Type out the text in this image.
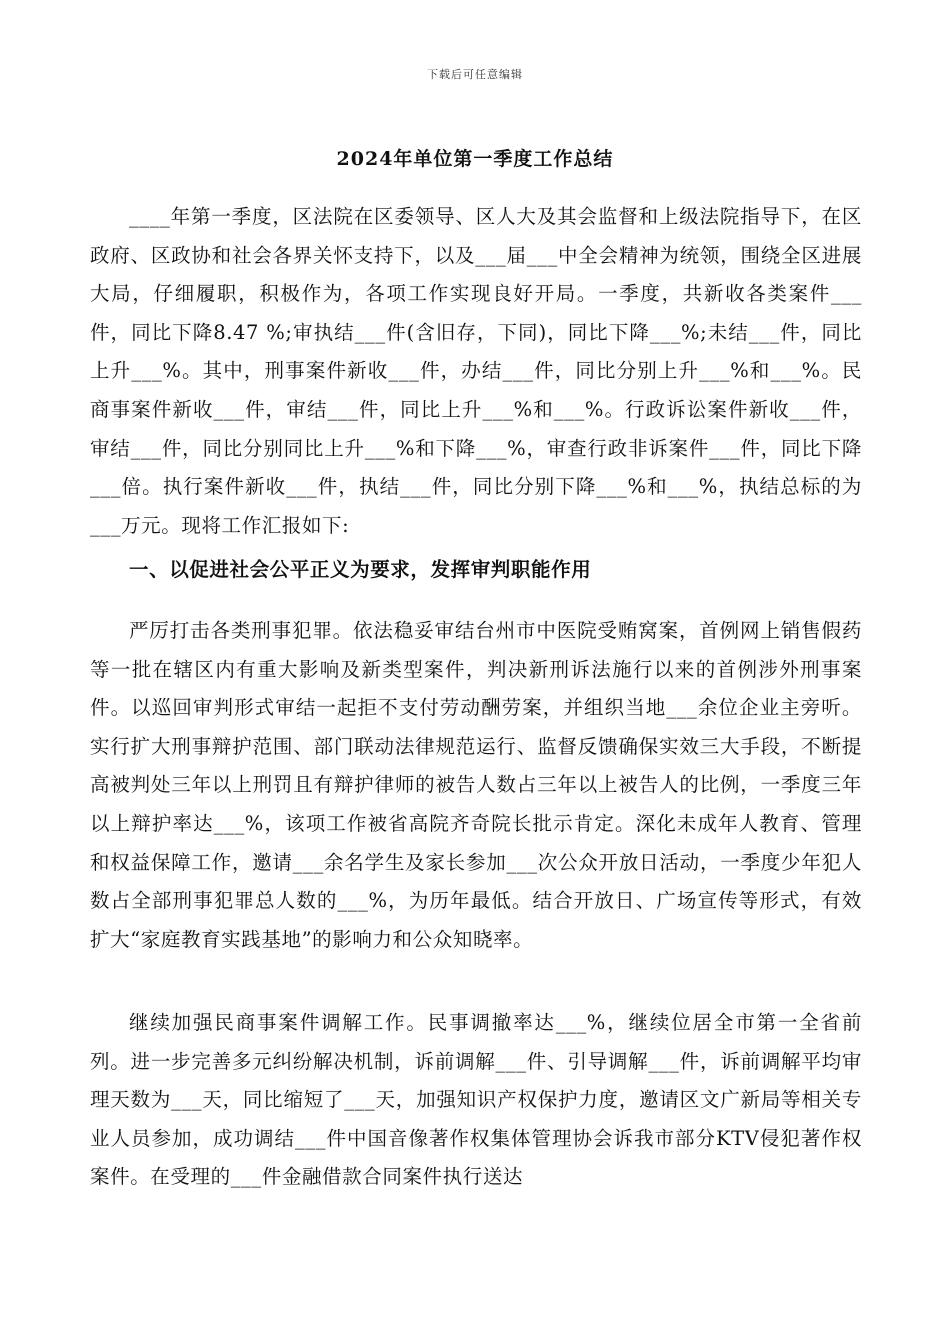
下载后可任意编辑
2024年单位第一季度工作总结

____年第一季度，区法院在区委领导、区人大及其会监督和上级法院指导下，在区政府、区政协和社会各界关怀支持下，以及___届___中全会精神为统领，围绕全区进展大局，仔细履职，积极作为，各项工作实现良好开局。一季度，共新收各类案件___件，同比下降8.47 %;审执结___件(含旧存，下同)，同比下降___%;未结___件，同比上升___%。其中，刑事案件新收___件，办结___件，同比分别上升___%和___%。民商事案件新收___件，审结___件，同比上升___%和___%。行政诉讼案件新收___件，审结___件，同比分别同比上升___%和下降___%，审查行政非诉案件___件，同比下降___倍。执行案件新收___件，执结___件，同比分别下降___%和___%，执结总标的为___万元。现将工作汇报如下:

一、以促进社会公平正义为要求，发挥审判职能作用

严厉打击各类刑事犯罪。依法稳妥审结台州市中医院受贿窝案，首例网上销售假药等一批在辖区内有重大影响及新类型案件，判决新刑诉法施行以来的首例涉外刑事案件。以巡回审判形式审结一起拒不支付劳动酬劳案，并组织当地___余位企业主旁听。实行扩大刑事辩护范围、部门联动法律规范运行、监督反馈确保实效三大手段，不断提高被判处三年以上刑罚且有辩护律师的被告人数占三年以上被告人的比例，一季度三年以上辩护率达___%，该项工作被省高院齐奇院长批示肯定。深化未成年人教育、管理和权益保障工作，邀请___余名学生及家长参加___次公众开放日活动，一季度少年犯人数占全部刑事犯罪总人数的___%，为历年最低。结合开放日、广场宣传等形式，有效扩大“家庭教育实践基地”的影响力和公众知晓率。

继续加强民商事案件调解工作。民事调撤率达___%，继续位居全市第一全省前列。进一步完善多元纠纷解决机制，诉前调解___件、引导调解___件，诉前调解平均审理天数为___天，同比缩短了___天，加强知识产权保护力度，邀请区文广新局等相关专业人员参加，成功调结___件中国音像著作权集体管理协会诉我市部分KTV侵犯著作权案件。在受理的___件金融借款合同案件执行送达
